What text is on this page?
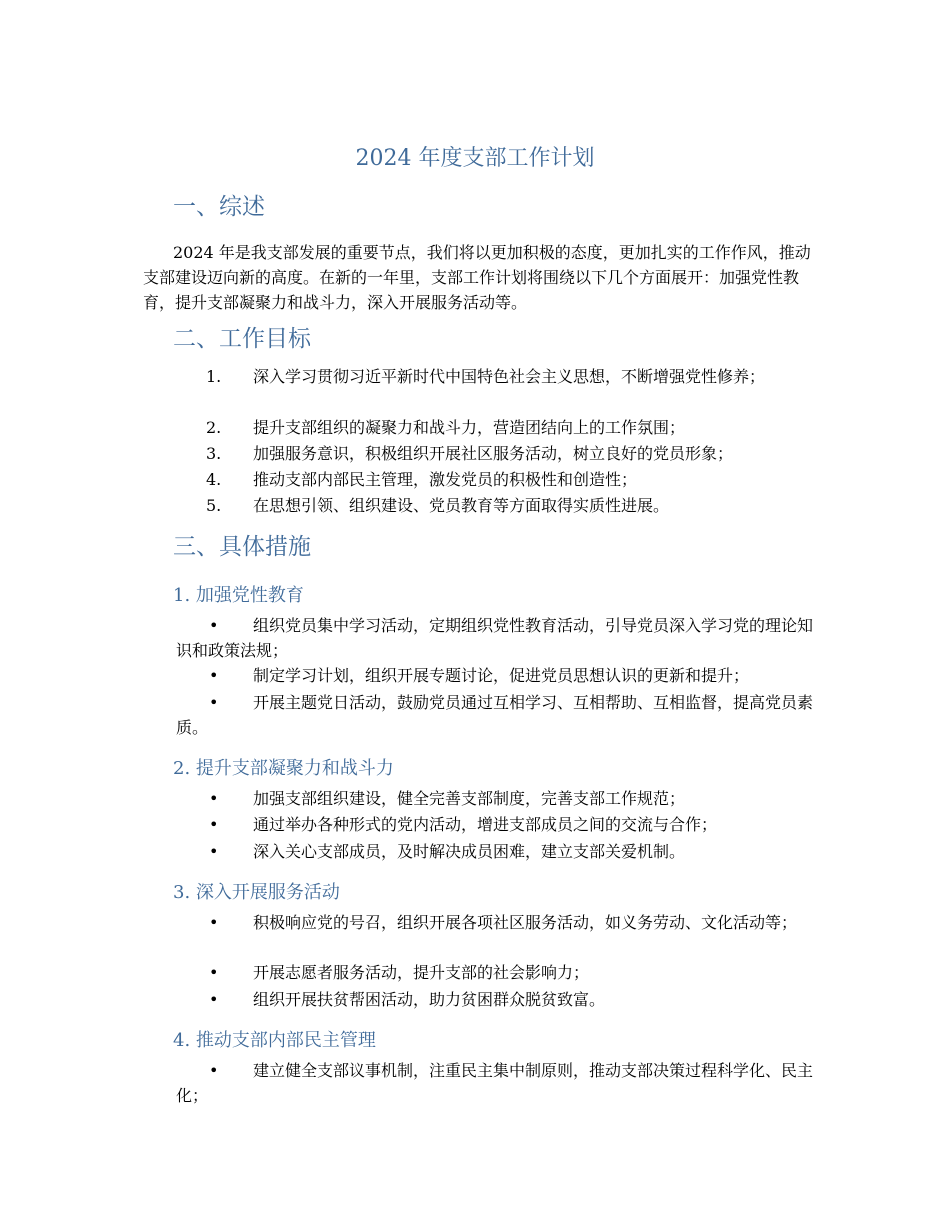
2024 年度支部工作计划
一、综述

2024 年是我支部发展的重要节点，我们将以更加积极的态度，更加扎实的工作作风，推动支部建设迈向新的高度。在新的一年里，支部工作计划将围绕以下几个方面展开：加强党性教育，提升支部凝聚力和战斗力，深入开展服务活动等。

二、工作目标

1. 深入学习贯彻习近平新时代中国特色社会主义思想，不断增强党性修养；

2. 提升支部组织的凝聚力和战斗力，营造团结向上的工作氛围；

3. 加强服务意识，积极组织开展社区服务活动，树立良好的党员形象；

4. 推动支部内部民主管理，激发党员的积极性和创造性；

5. 在思想引领、组织建设、党员教育等方面取得实质性进展。

三、具体措施
1. 加强党性教育

• 组织党员集中学习活动，定期组织党性教育活动，引导党员深入学习党的理论知识和政策法规；

• 制定学习计划，组织开展专题讨论，促进党员思想认识的更新和提升；

• 开展主题党日活动，鼓励党员通过互相学习、互相帮助、互相监督，提高党员素质。

2. 提升支部凝聚力和战斗力

• 加强支部组织建设，健全完善支部制度，完善支部工作规范；

• 通过举办各种形式的党内活动，增进支部成员之间的交流与合作；

• 深入关心支部成员，及时解决成员困难，建立支部关爱机制。

3. 深入开展服务活动

• 积极响应党的号召，组织开展各项社区服务活动，如义务劳动、文化活动等；

• 开展志愿者服务活动，提升支部的社会影响力；

• 组织开展扶贫帮困活动，助力贫困群众脱贫致富。

4. 推动支部内部民主管理

• 建立健全支部议事机制，注重民主集中制原则，推动支部决策过程科学化、民主化；
